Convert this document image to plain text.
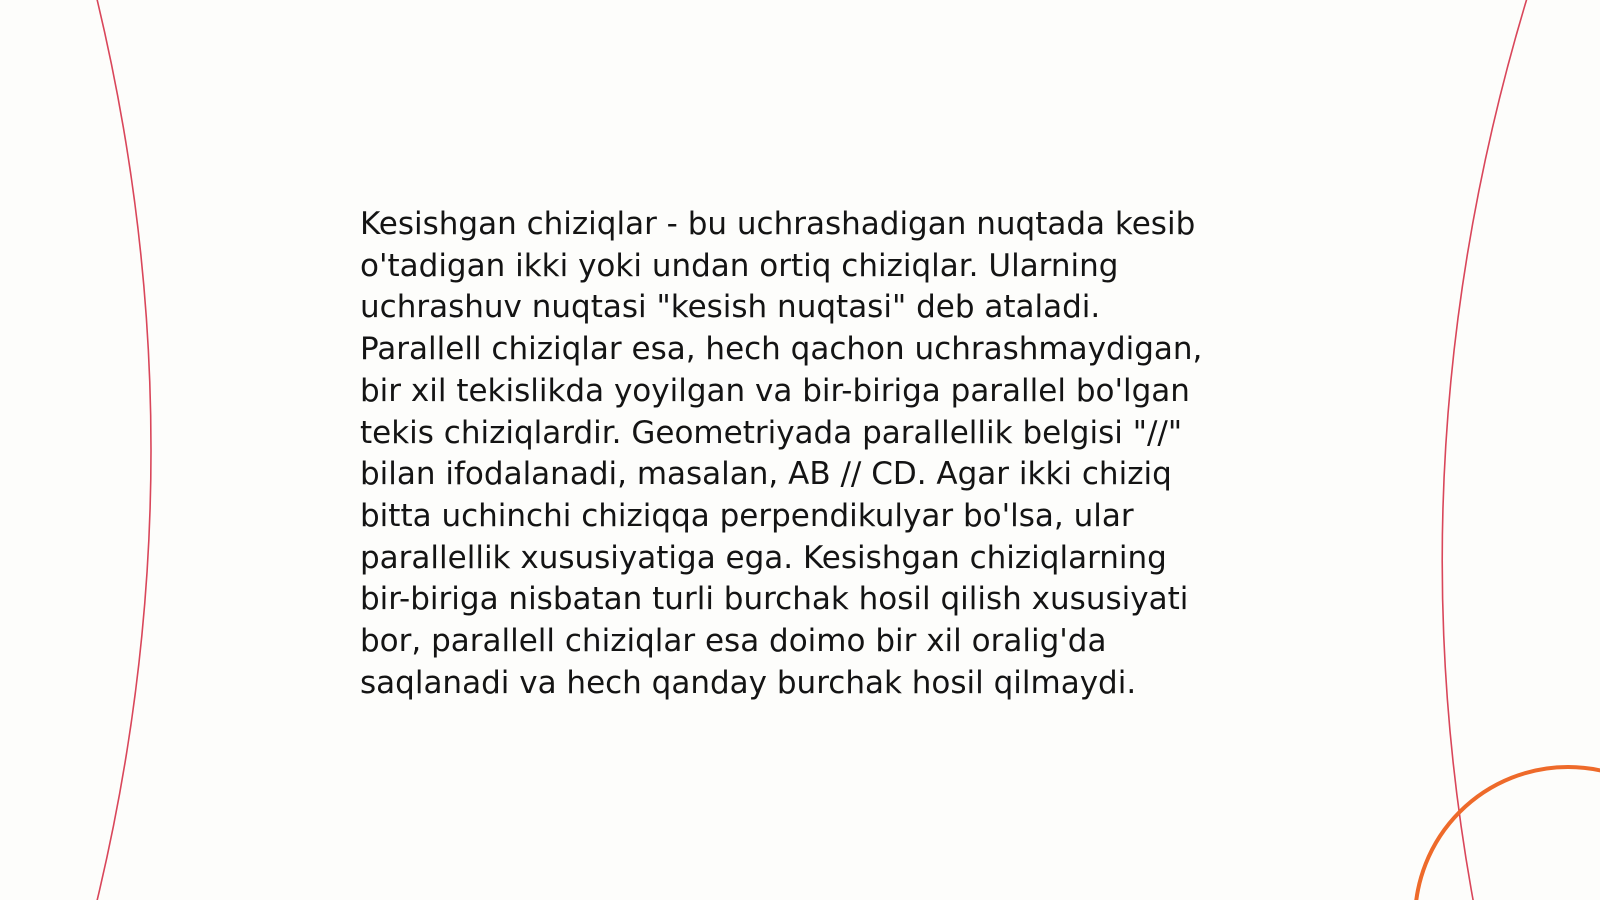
Kesishgan chiziqlar - bu uchrashadigan nuqtada kesib
o'tadigan ikki yoki undan ortiq chiziqlar. Ularning
uchrashuv nuqtasi "kesish nuqtasi" deb ataladi.
Parallell chiziqlar esa, hech qachon uchrashmaydigan,
bir xil tekislikda yoyilgan va bir-biriga parallel bo'lgan
tekis chiziqlardir. Geometriyada parallellik belgisi "//"
bilan ifodalanadi, masalan, AB // CD. Agar ikki chiziq
bitta uchinchi chiziqqa perpendikulyar bo'lsa, ular
parallellik xususiyatiga ega. Kesishgan chiziqlarning
bir-biriga nisbatan turli burchak hosil qilish xususiyati
bor, parallell chiziqlar esa doimo bir xil oralig'da
saqlanadi va hech qanday burchak hosil qilmaydi.
